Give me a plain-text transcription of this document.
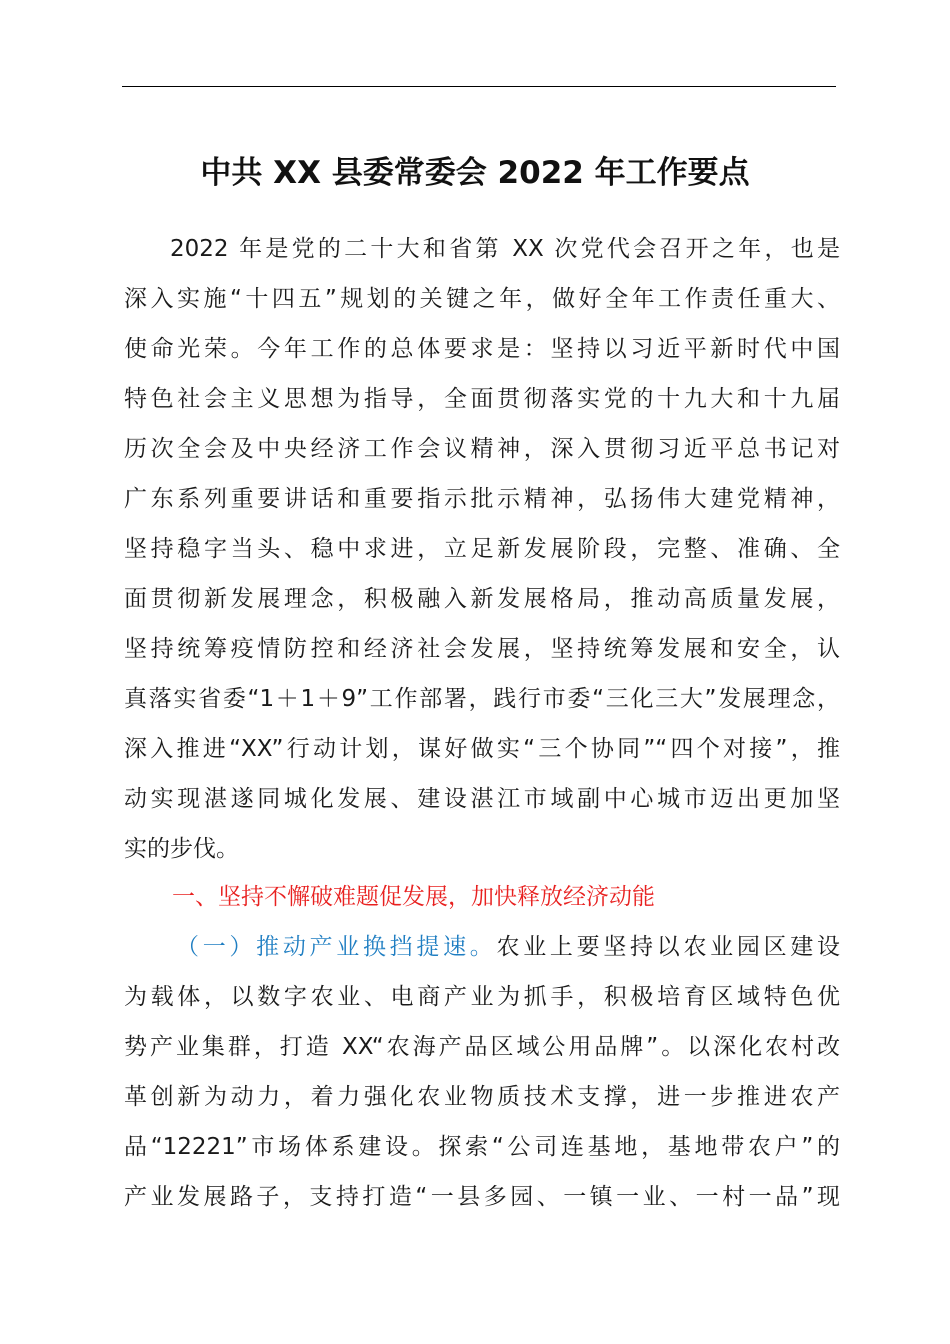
中共 XX 县委常委会 2022 年工作要点

2022 年是党的二十大和省第 XX 次党代会召开之年，也是

深入实施“十四五”规划的关键之年，做好全年工作责任重大、

使命光荣。今年工作的总体要求是：坚持以习近平新时代中国

特色社会主义思想为指导，全面贯彻落实党的十九大和十九届

历次全会及中央经济工作会议精神，深入贯彻习近平总书记对

广东系列重要讲话和重要指示批示精神，弘扬伟大建党精神，

坚持稳字当头、稳中求进，立足新发展阶段，完整、准确、全

面贯彻新发展理念，积极融入新发展格局，推动高质量发展，

坚持统筹疫情防控和经济社会发展，坚持统筹发展和安全，认

真落实省委“1＋1＋9”工作部署，践行市委“三化三大”发展理念，

深入推进“XX”行动计划，谋好做实“三个协同”“四个对接”，推

动实现湛遂同城化发展、建设湛江市域副中心城市迈出更加坚

实的步伐。

一、坚持不懈破难题促发展，加快释放经济动能

（一）推动产业换挡提速。农业上要坚持以农业园区建设

为载体，以数字农业、电商产业为抓手，积极培育区域特色优

势产业集群，打造 XX“农海产品区域公用品牌”。以深化农村改

革创新为动力，着力强化农业物质技术支撑，进一步推进农产

品“12221”市场体系建设。探索“公司连基地，基地带农户”的

产业发展路子，支持打造“一县多园、一镇一业、一村一品”现
